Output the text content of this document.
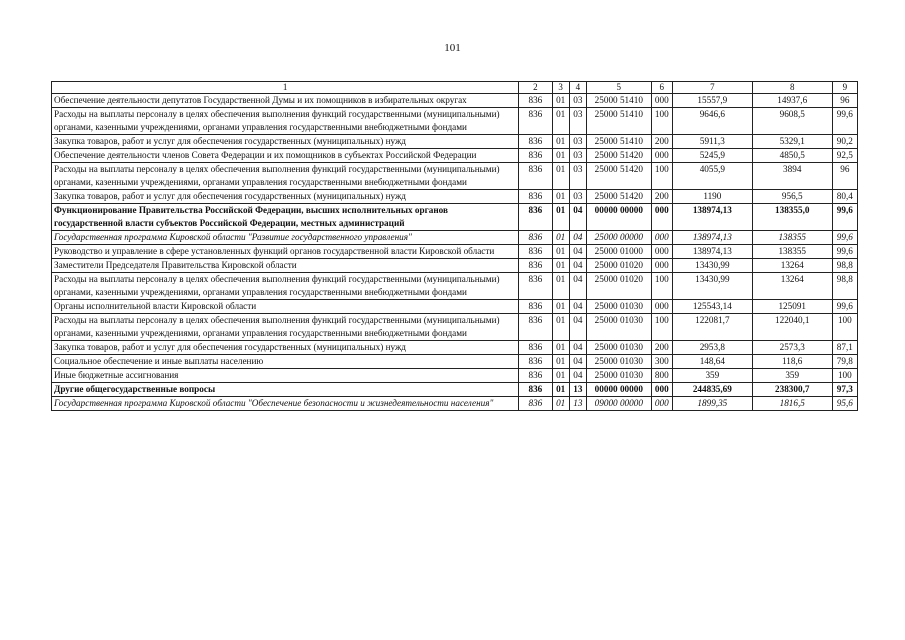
101
1	2	3	4	5	6	7	8	9
Обеспечение деятельности депутатов Государственной Думы и их помощников в избирательных округах	836	01	03	25000 51410	000	15557,9	14937,6	96
Расходы на выплаты персоналу в целях обеспечения выполнения функций государственными (муниципальными) органами, казенными учреждениями, органами управления государственными внебюджетными фондами	836	01	03	25000 51410	100	9646,6	9608,5	99,6
Закупка товаров, работ и услуг для обеспечения государственных (муниципальных) нужд	836	01	03	25000 51410	200	5911,3	5329,1	90,2
Обеспечение деятельности членов Совета Федерации и их помощников в субъектах Российской Федерации	836	01	03	25000 51420	000	5245,9	4850,5	92,5
Расходы на выплаты персоналу в целях обеспечения выполнения функций государственными (муниципальными) органами, казенными учреждениями, органами управления государственными внебюджетными фондами	836	01	03	25000 51420	100	4055,9	3894	96
Закупка товаров, работ и услуг для обеспечения государственных (муниципальных) нужд	836	01	03	25000 51420	200	1190	956,5	80,4
Функционирование Правительства Российской Федерации, высших исполнительных органов государственной власти субъектов Российской Федерации, местных администраций	836	01	04	00000 00000	000	138974,13	138355,0	99,6
Государственная программа Кировской области "Развитие государственного управления"	836	01	04	25000 00000	000	138974,13	138355	99,6
Руководство и управление в сфере установленных функций органов государственной власти Кировской области	836	01	04	25000 01000	000	138974,13	138355	99,6
Заместители Председателя Правительства Кировской области	836	01	04	25000 01020	000	13430,99	13264	98,8
Расходы на выплаты персоналу в целях обеспечения выполнения функций государственными (муниципальными) органами, казенными учреждениями, органами управления государственными внебюджетными фондами	836	01	04	25000 01020	100	13430,99	13264	98,8
Органы исполнительной власти Кировской области	836	01	04	25000 01030	000	125543,14	125091	99,6
Расходы на выплаты персоналу в целях обеспечения выполнения функций государственными (муниципальными) органами, казенными учреждениями, органами управления государственными внебюджетными фондами	836	01	04	25000 01030	100	122081,7	122040,1	100
Закупка товаров, работ и услуг для обеспечения государственных (муниципальных) нужд	836	01	04	25000 01030	200	2953,8	2573,3	87,1
Социальное обеспечение и иные выплаты населению	836	01	04	25000 01030	300	148,64	118,6	79,8
Иные бюджетные ассигнования	836	01	04	25000 01030	800	359	359	100
Другие общегосударственные вопросы	836	01	13	00000 00000	000	244835,69	238300,7	97,3
Государственная программа Кировской области "Обеспечение безопасности и жизнедеятельности населения"	836	01	13	09000 00000	000	1899,35	1816,5	95,6
